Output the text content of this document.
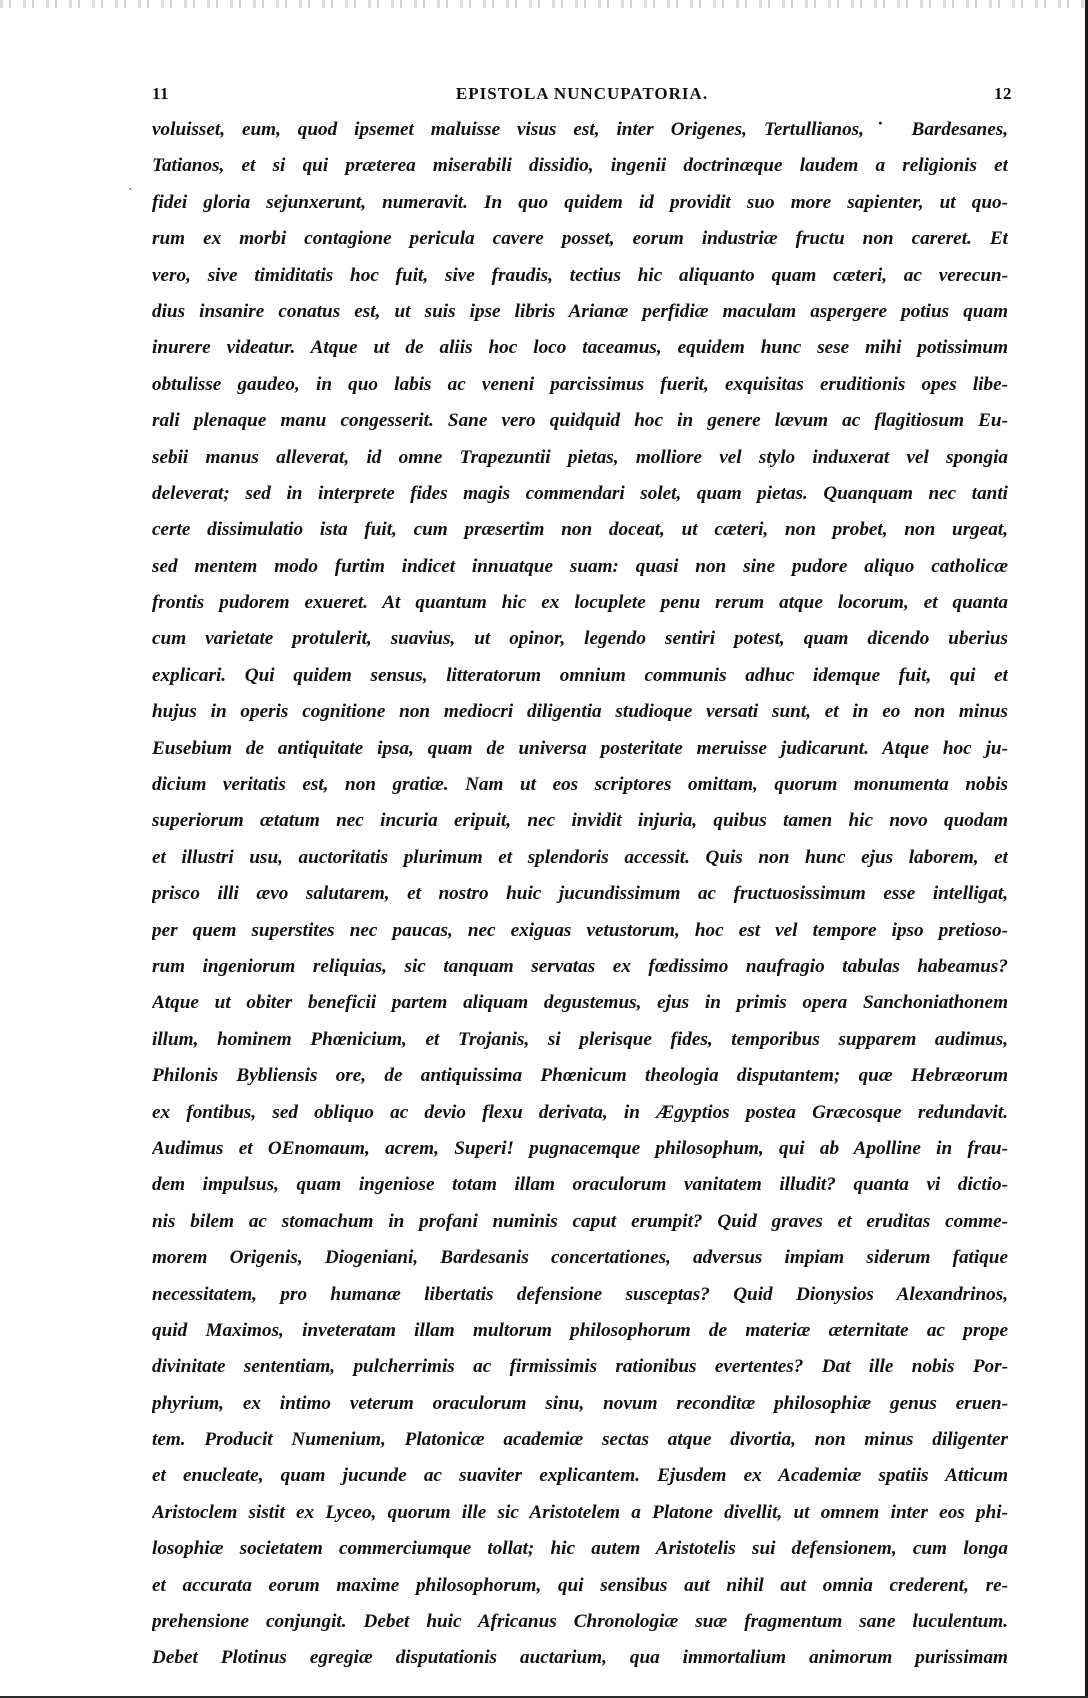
11	EPISTOLA NUNCUPATORIA.	12
ˎ
voluisset, eum, quod ipsemet maluisse visus est, inter Origenes, Tertullianos,˙ Bardesanes,
Tatianos, et si qui præterea miserabili dissidio, ingenii doctrinæque laudem a religionis et
fidei gloria sejunxerunt, numeravit. In quo quidem id providit suo more sapienter, ut quo-
rum ex morbi contagione pericula cavere posset, eorum industriæ fructu non careret. Et
vero, sive timiditatis hoc fuit, sive fraudis, tectius hic aliquanto quam cæteri, ac verecun-
dius insanire conatus est, ut suis ipse libris Arianæ perfidiæ maculam aspergere potius quam
inurere videatur. Atque ut de aliis hoc loco taceamus, equidem hunc sese mihi potissimum
obtulisse gaudeo, in quo labis ac veneni parcissimus fuerit, exquisitas eruditionis opes libe-
rali plenaque manu congesserit. Sane vero quidquid hoc in genere lævum ac flagitiosum Eu-
sebii manus alleverat, id omne Trapezuntii pietas, molliore vel stylo induxerat vel spongia
deleverat; sed in interprete fides magis commendari solet, quam pietas. Quanquam nec tanti
certe dissimulatio ista fuit, cum præsertim non doceat, ut cæteri, non probet, non urgeat,
sed mentem modo furtim indicet innuatque suam: quasi non sine pudore aliquo catholicæ
frontis pudorem exueret. At quantum hic ex locuplete penu rerum atque locorum, et quanta
cum varietate protulerit, suavius, ut opinor, legendo sentiri potest, quam dicendo uberius
explicari. Qui quidem sensus, litteratorum omnium communis adhuc idemque fuit, qui et
hujus in operis cognitione non mediocri diligentia studioque versati sunt, et in eo non minus
Eusebium de antiquitate ipsa, quam de universa posteritate meruisse judicarunt. Atque hoc ju-
dicium veritatis est, non gratiæ. Nam ut eos scriptores omittam, quorum monumenta nobis
superiorum ætatum nec incuria eripuit, nec invidit injuria, quibus tamen hic novo quodam
et illustri usu, auctoritatis plurimum et splendoris accessit. Quis non hunc ejus laborem, et
prisco illi ævo salutarem, et nostro huic jucundissimum ac fructuosissimum esse intelligat,
per quem superstites nec paucas, nec exiguas vetustorum, hoc est vel tempore ipso pretioso-
rum ingeniorum reliquias, sic tanquam servatas ex fœdissimo naufragio tabulas habeamus?
Atque ut obiter beneficii partem aliquam degustemus, ejus in primis opera Sanchoniathonem
illum, hominem Phœnicium, et Trojanis, si plerisque fides, temporibus supparem audimus,
Philonis Bybliensis ore, de antiquissima Phœnicum theologia disputantem; quæ Hebræorum
ex fontibus, sed obliquo ac devio flexu derivata, in Ægyptios postea Græcosque redundavit.
Audimus et OEnomaum, acrem, Superi! pugnacemque philosophum, qui ab Apolline in frau-
dem impulsus, quam ingeniose totam illam oraculorum vanitatem illudit? quanta vi dictio-
nis bilem ac stomachum in profani numinis caput erumpit? Quid graves et eruditas comme-
morem Origenis, Diogeniani, Bardesanis concertationes, adversus impiam siderum fatique
necessitatem, pro humanæ libertatis defensione susceptas? Quid Dionysios Alexandrinos,
quid Maximos, inveteratam illam multorum philosophorum de materiæ æternitate ac prope
divinitate sententiam, pulcherrimis ac firmissimis rationibus evertentes? Dat ille nobis Por-
phyrium, ex intimo veterum oraculorum sinu, novum reconditæ philosophiæ genus eruen-
tem. Producit Numenium, Platonicæ academiæ sectas atque divortia, non minus diligenter
et enucleate, quam jucunde ac suaviter explicantem. Ejusdem ex Academiæ spatiis Atticum
Aristoclem sistit ex Lyceo, quorum ille sic Aristotelem a Platone divellit, ut omnem inter eos phi-
losophiæ societatem commerciumque tollat; hic autem Aristotelis sui defensionem, cum longa
et accurata eorum maxime philosophorum, qui sensibus aut nihil aut omnia crederent, re-
prehensione conjungit. Debet huic Africanus Chronologiæ suæ fragmentum sane luculentum.
Debet Plotinus egregiæ disputationis auctarium, qua immortalium animorum purissimam
